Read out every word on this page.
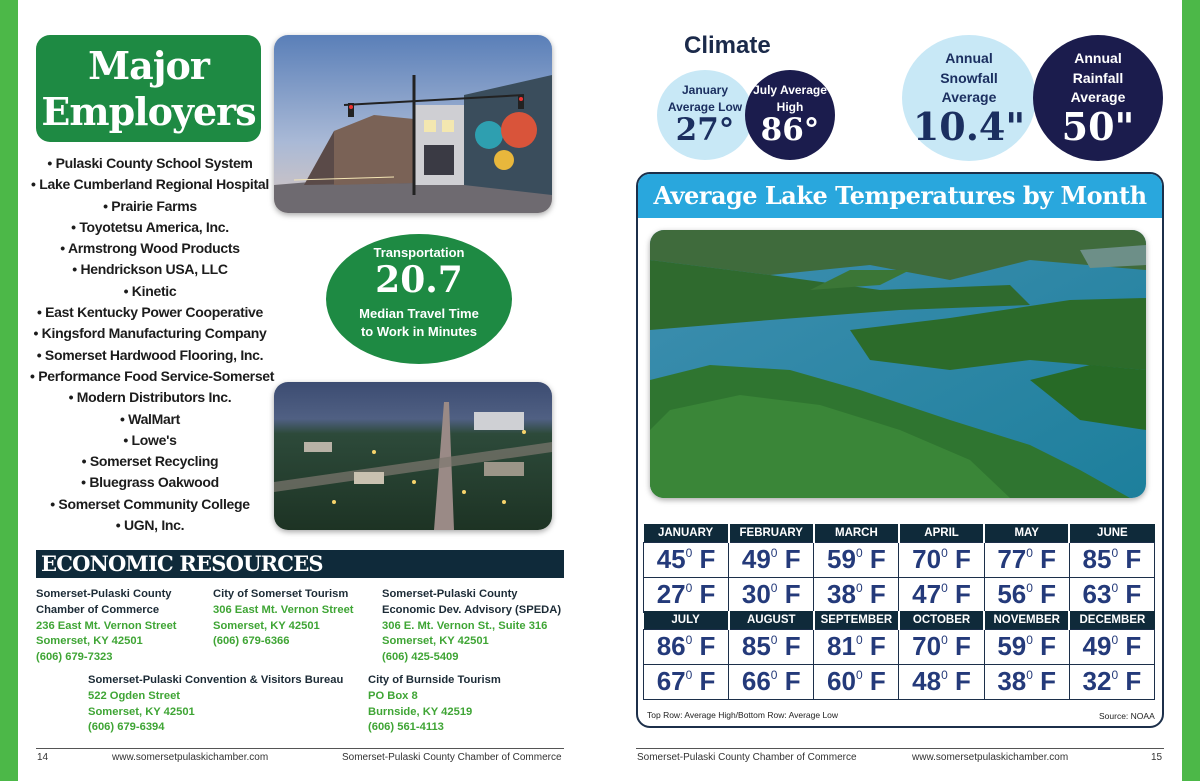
Major
Employers
• Pulaski County School System
• Lake Cumberland Regional Hospital
• Prairie Farms
• Toyotetsu America, Inc.
• Armstrong Wood Products
• Hendrickson USA, LLC
• Kinetic
• East Kentucky Power Cooperative
• Kingsford Manufacturing Company
• Somerset Hardwood Flooring, Inc.
• Performance Food Service-Somerset
• Modern Distributors Inc.
• WalMart
• Lowe's
• Somerset Recycling
• Bluegrass Oakwood
• Somerset Community College
• UGN, Inc.
Transportation
20.7
Median Travel Time to Work in Minutes
ECONOMIC RESOURCES
Somerset-Pulaski County
Chamber of Commerce
236 East Mt. Vernon Street
Somerset, KY 42501
(606) 679-7323
City of Somerset Tourism
306 East Mt. Vernon Street
Somerset, KY 42501
(606) 679-6366
Somerset-Pulaski County
Economic Dev. Advisory (SPEDA)
306 E. Mt. Vernon St., Suite 316
Somerset, KY 42501
(606) 425-5409
Somerset-Pulaski Convention & Visitors Bureau
522 Ogden Street
Somerset, KY 42501
(606) 679-6394
City of Burnside Tourism
PO Box 8
Burnside, KY 42519
(606) 561-4113
14	www.somersetpulaskichamber.com	Somerset-Pulaski County Chamber of Commerce
Climate
January Average Low
27°
July Average High
86°
Annual Snowfall Average
10.4"
Annual Rainfall Average
50"
Average Lake Temperatures by Month
JANUARY	FEBRUARY	MARCH	APRIL	MAY	JUNE
$45^0$ F	$49^0$ F	$59^0$ F	$70^0$ F	$77^0$ F	$85^0$ F
$27^0$ F	$30^0$ F	$38^0$ F	$47^0$ F	$56^0$ F	$63^0$ F
JULY	AUGUST	SEPTEMBER	OCTOBER	NOVEMBER	DECEMBER
$86^0$ F	$85^0$ F	$81^0$ F	$70^0$ F	$59^0$ F	$49^0$ F
$67^0$ F	$66^0$ F	$60^0$ F	$48^0$ F	$38^0$ F	$32^0$ F
Top Row: Average High/Bottom Row: Average Low	Source: NOAA
Somerset-Pulaski County Chamber of Commerce	www.somersetpulaskichamber.com	15
